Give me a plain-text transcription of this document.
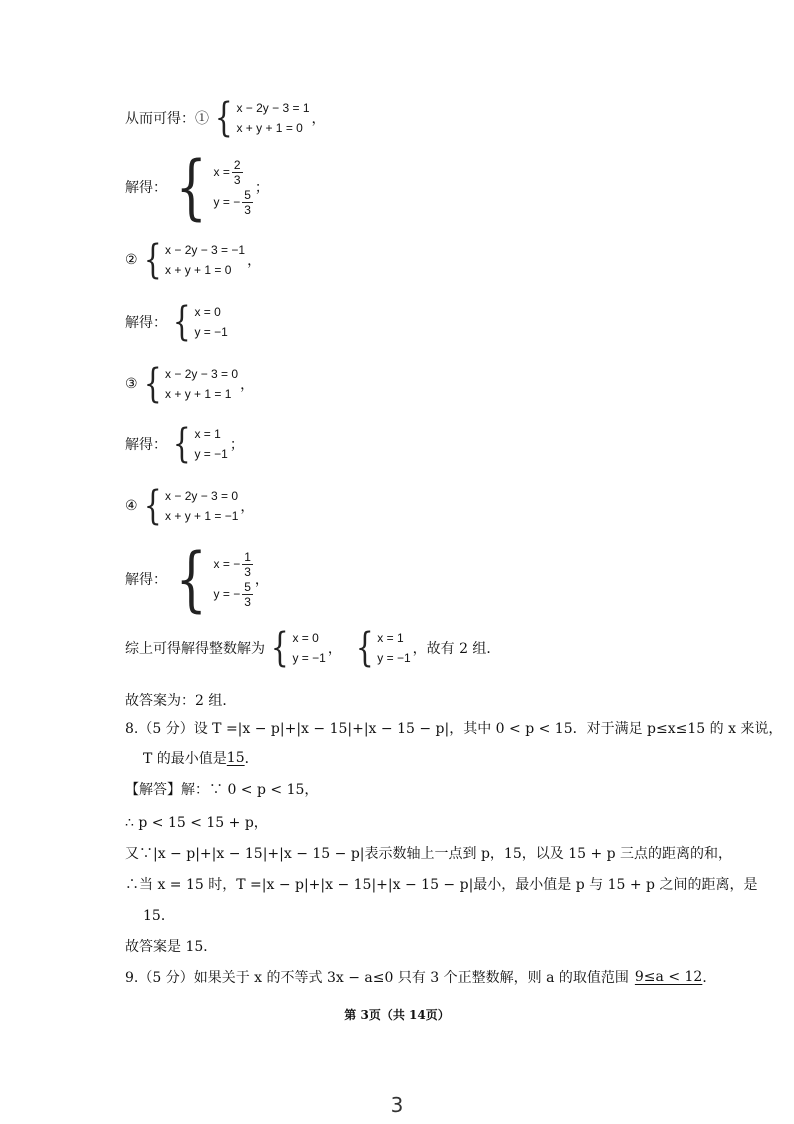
从而可得：① { x − 2y − 3 = 1
x + y + 1 = 0
，
解得： { $x = \frac{2}{3}$
y = − $\frac{5}{3}$ ；
② { x − 2y − 3 = −1
x + y + 1 = 0
，
解得： { x = 0
y = −1
③ { x − 2y − 3 = 0
x + y + 1 = 1
，
解得： { x = 1
y = −1
；
④ { x − 2y − 3 = 0
x + y + 1 = −1
，
解得： { x = − $\frac{1}{3}$
y = − $\frac{5}{3}$ ，
综上可得解得整数解为 { x = 0
y = −1
， { x = 1
y = −1
，故有 2 组．
故答案为：2 组．
8.（5 分）设 T =|x − p|+|x − 15|+|x − 15 − p|，其中 0 < p < 15．对于满足 p≤x≤15 的 x 来说，
T 的最小值是 15 ．
【解答】解：∵ 0 < p < 15，
∴ p < 15 < 15 + p，
又∵|x − p|+|x − 15|+|x − 15 − p|表示数轴上一点到 p，15，以及 15 + p 三点的距离的和，
∴当 x = 15 时，T =|x − p|+|x − 15|+|x − 15 − p|最小，最小值是 p 与 15 + p 之间的距离，是
15．
故答案是 15．
9.（5 分）如果关于 x 的不等式 3x − a≤0 只有 3 个正整数解，则 a 的取值范围 9≤a < 12 ．
第 3页（共 14页）
3
